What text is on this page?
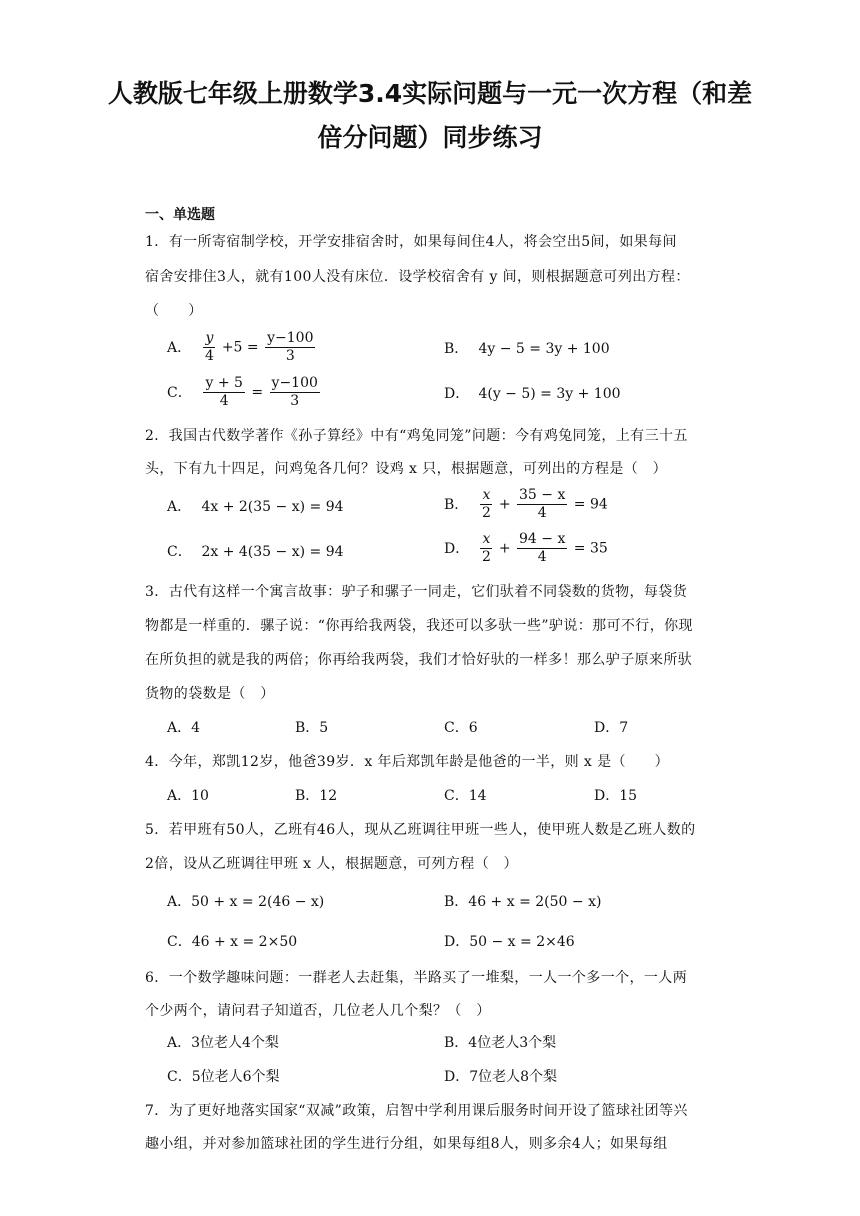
人教版七年级上册数学3.4实际问题与一元一次方程（和差
倍分问题）同步练习
一、单选题
1．有一所寄宿制学校，开学安排宿舍时，如果每间住4人，将会空出5间，如果每间
宿舍安排住3人，就有100人没有床位．设学校宿舍有 y 间，则根据题意可列出方程：
（　　）
A． $\frac{y}{4} +5 = \frac{y-100}{3}$	B． 4y − 5 = 3y + 100
C． $\frac{y + 5}{4} = \frac{y-100}{3}$	D． 4(y − 5) = 3y + 100
2．我国古代数学著作《孙子算经》中有“鸡兔同笼”问题：今有鸡兔同笼，上有三十五
头，下有九十四足，问鸡兔各几何？设鸡 x 只，根据题意，可列出的方程是（　）
A． 4x + 2(35 − x) = 94	B． $\frac{x}{2} + \frac{35 - x}{4} = 94$
C． 2x + 4(35 − x) = 94	D． $\frac{x}{2} + \frac{94 - x}{4} = 35$
3．古代有这样一个寓言故事：驴子和骡子一同走，它们驮着不同袋数的货物，每袋货
物都是一样重的．骡子说：“你再给我两袋，我还可以多驮一些”驴说：那可不行，你现
在所负担的就是我的两倍；你再给我两袋，我们才恰好驮的一样多！那么驴子原来所驮
货物的袋数是（　）
A．4	B．5	C．6	D．7
4．今年，郑凯12岁，他爸39岁．x 年后郑凯年龄是他爸的一半，则 x 是（　　）
A．10	B．12	C．14	D．15
5．若甲班有50人，乙班有46人，现从乙班调往甲班一些人，使甲班人数是乙班人数的
2倍，设从乙班调往甲班 x 人，根据题意，可列方程（　）
A．50 + x = 2(46 − x)	B．46 + x = 2(50 − x)
C．46 + x = 2×50	D．50 − x = 2×46
6．一个数学趣味问题：一群老人去赶集，半路买了一堆梨，一人一个多一个，一人两
个少两个，请问君子知道否，几位老人几个梨？（　）
A．3位老人4个梨	B．4位老人3个梨
C．5位老人6个梨	D．7位老人8个梨
7．为了更好地落实国家“双减”政策，启智中学利用课后服务时间开设了篮球社团等兴
趣小组，并对参加篮球社团的学生进行分组，如果每组8人，则多余4人；如果每组
